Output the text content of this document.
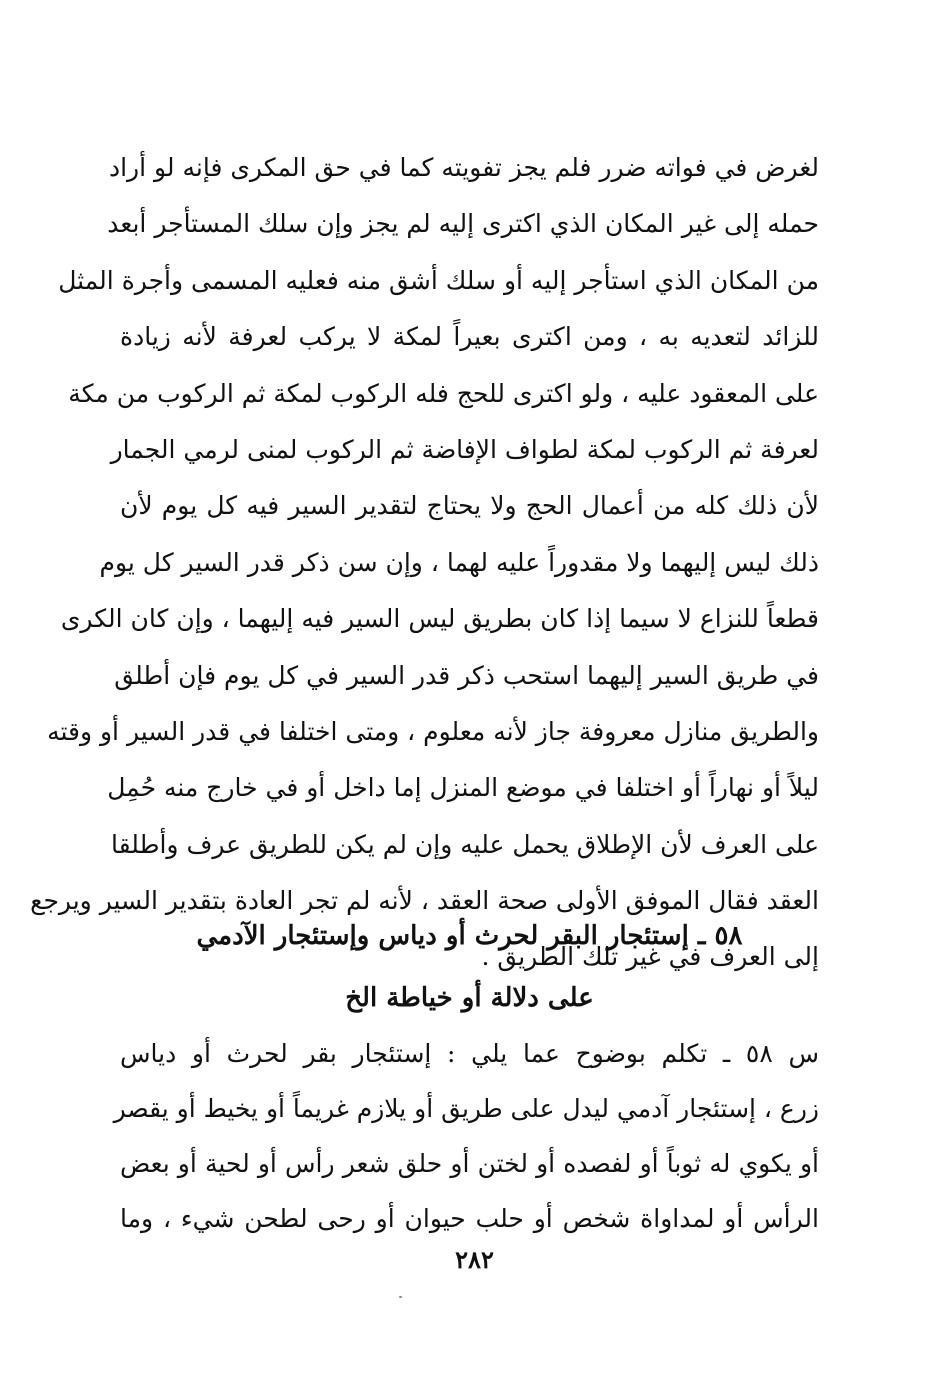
لغرض في فواته ضرر فلم يجز تفويته كما في حق المكرى فإنه لو أراد
حمله إلى غير المكان الذي اكترى إليه لم يجز وإن سلك المستأجر أبعد
من المكان الذي استأجر إليه أو سلك أشق منه فعليه المسمى وأجرة المثل
للزائد لتعديه به ، ومن اكترى بعيراً لمكة لا يركب لعرفة لأنه زيادة
على المعقود عليه ، ولو اكترى للحج فله الركوب لمكة ثم الركوب من مكة
لعرفة ثم الركوب لمكة لطواف الإفاضة ثم الركوب لمنى لرمي الجمار
لأن ذلك كله من أعمال الحج ولا يحتاج لتقدير السير فيه كل يوم لأن
ذلك ليس إليهما ولا مقدوراً عليه لهما ، وإن سن ذكر قدر السير كل يوم
قطعاً للنزاع لا سيما إذا كان بطريق ليس السير فيه إليهما ، وإن كان الكرى
في طريق السير إليهما استحب ذكر قدر السير في كل يوم فإن أطلق
والطريق منازل معروفة جاز لأنه معلوم ، ومتى اختلفا في قدر السير أو وقته
ليلاً أو نهاراً أو اختلفا في موضع المنزل إما داخل أو في خارج منه حُمِل
على العرف لأن الإطلاق يحمل عليه وإن لم يكن للطريق عرف وأطلقا
العقد فقال الموفق الأولى صحة العقد ، لأنه لم تجر العادة بتقدير السير ويرجع
إلى العرف في غير تلك الطريق .
٥٨ ـ إستئجار البقر لحرث أو دياس وإستئجار الآدمي
على دلالة أو خياطة الخ
س ٥٨ ـ تكلم بوضوح عما يلي : إستئجار بقر لحرث أو دياس
زرع ، إستئجار آدمي ليدل على طريق أو يلازم غريماً أو يخيط أو يقصر
أو يكوي له ثوباً أو لفصده أو لختن أو حلق شعر رأس أو لحية أو بعض
الرأس أو لمداواة شخص أو حلب حيوان أو رحى لطحن شيء ، وما
٢٨٢
